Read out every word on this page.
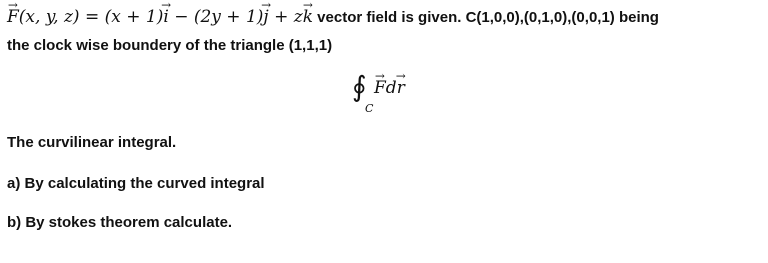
→ F(x, y, z) = (x + 1)→ i − (2y + 1)→ j + z→ k vector field is given. C(1,0,0),(0,1,0),(0,0,1) being
the clock wise boundery of the triangle (1,1,1)
∮
C
→ Fd→ r
The curvilinear integral.
a) By calculating the curved integral
b) By stokes theorem calculate.
